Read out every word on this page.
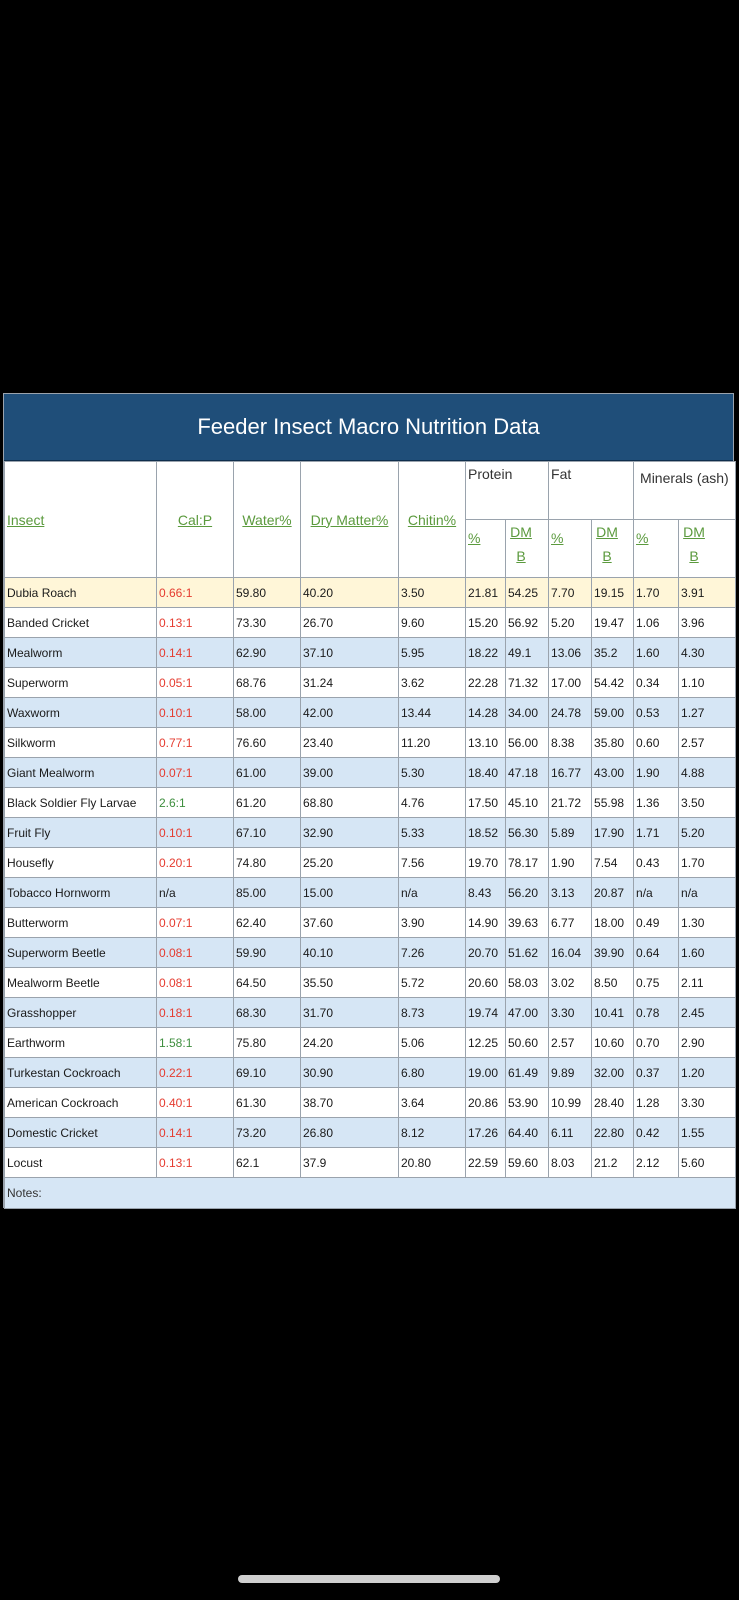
Feeder Insect Macro Nutrition Data
Insect	Cal:P	Water%	Dry Matter%	Chitin%	Protein		Fat		Minerals (ash)	
					%	DMB	%	DMB	%	DMB
Dubia Roach	0.66:1	59.80	40.20	3.50	21.81	54.25	7.70	19.15	1.70	3.91
Banded Cricket	0.13:1	73.30	26.70	9.60	15.20	56.92	5.20	19.47	1.06	3.96
Mealworm	0.14:1	62.90	37.10	5.95	18.22	49.1	13.06	35.2	1.60	4.30
Superworm	0.05:1	68.76	31.24	3.62	22.28	71.32	17.00	54.42	0.34	1.10
Waxworm	0.10:1	58.00	42.00	13.44	14.28	34.00	24.78	59.00	0.53	1.27
Silkworm	0.77:1	76.60	23.40	11.20	13.10	56.00	8.38	35.80	0.60	2.57
Giant Mealworm	0.07:1	61.00	39.00	5.30	18.40	47.18	16.77	43.00	1.90	4.88
Black Soldier Fly Larvae	2.6:1	61.20	68.80	4.76	17.50	45.10	21.72	55.98	1.36	3.50
Fruit Fly	0.10:1	67.10	32.90	5.33	18.52	56.30	5.89	17.90	1.71	5.20
Housefly	0.20:1	74.80	25.20	7.56	19.70	78.17	1.90	7.54	0.43	1.70
Tobacco Hornworm	n/a	85.00	15.00	n/a	8.43	56.20	3.13	20.87	n/a	n/a
Butterworm	0.07:1	62.40	37.60	3.90	14.90	39.63	6.77	18.00	0.49	1.30
Superworm Beetle	0.08:1	59.90	40.10	7.26	20.70	51.62	16.04	39.90	0.64	1.60
Mealworm Beetle	0.08:1	64.50	35.50	5.72	20.60	58.03	3.02	8.50	0.75	2.11
Grasshopper	0.18:1	68.30	31.70	8.73	19.74	47.00	3.30	10.41	0.78	2.45
Earthworm	1.58:1	75.80	24.20	5.06	12.25	50.60	2.57	10.60	0.70	2.90
Turkestan Cockroach	0.22:1	69.10	30.90	6.80	19.00	61.49	9.89	32.00	0.37	1.20
American Cockroach	0.40:1	61.30	38.70	3.64	20.86	53.90	10.99	28.40	1.28	3.30
Domestic Cricket	0.14:1	73.20	26.80	8.12	17.26	64.40	6.11	22.80	0.42	1.55
Locust	0.13:1	62.1	37.9	20.80	22.59	59.60	8.03	21.2	2.12	5.60
Notes:										
